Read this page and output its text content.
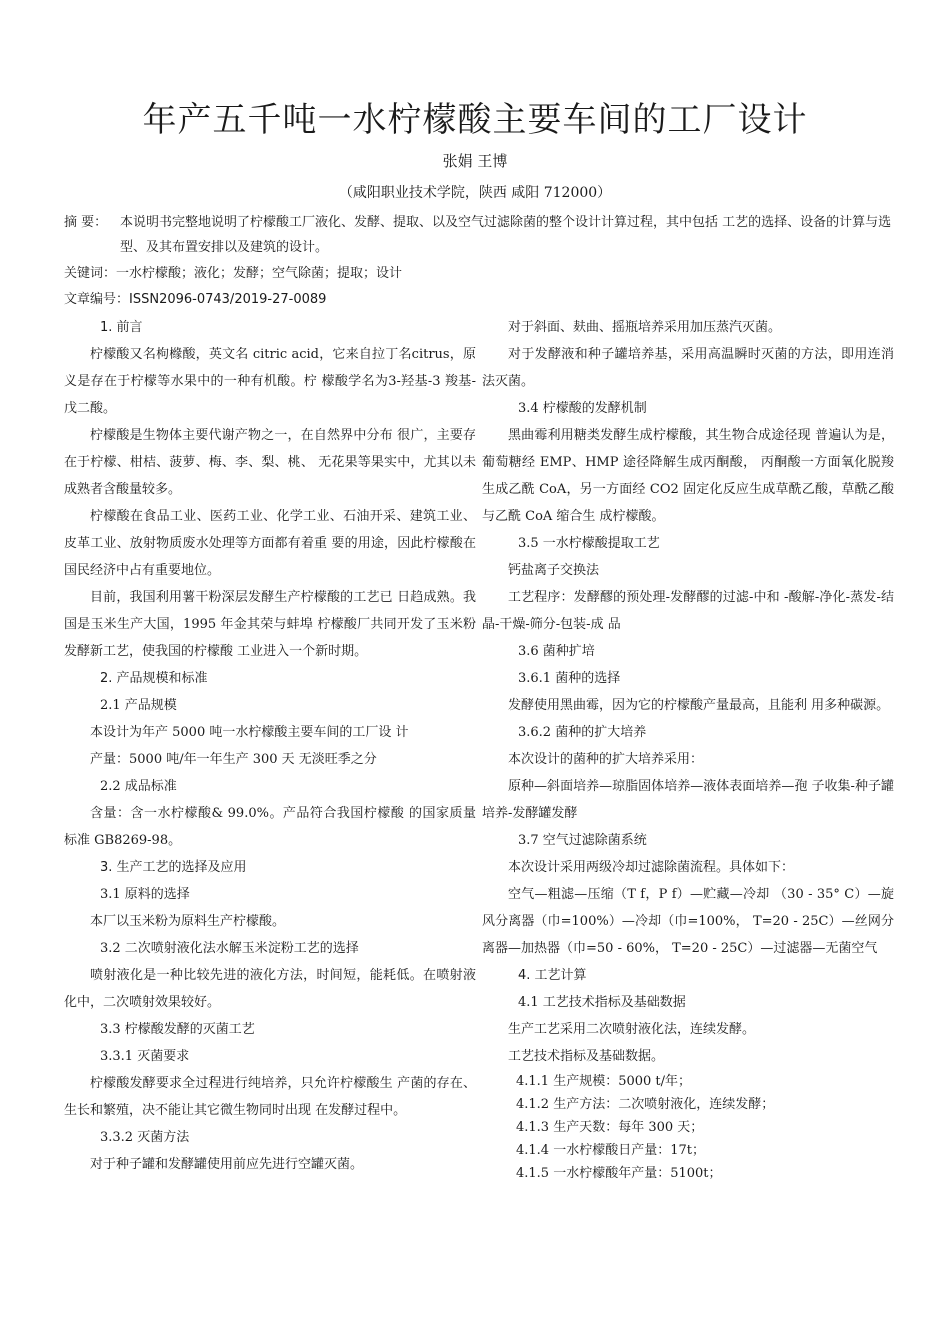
年产五千吨一水柠檬酸主要车间的工厂设计
张娟 王博
（咸阳职业技术学院，陕西 咸阳 712000）
摘 要： 本说明书完整地说明了柠檬酸工厂液化、发酵、提取、以及空气过滤除菌的整个设计计算过程，其中包括 工艺的选择、设备的计算与选型、及其布置安排以及建筑的设计。
关键词：一水柠檬酸；液化；发酵；空气除菌；提取；设计
文章编号：ISSN2096-0743/2019-27-0089

1. 前言

柠檬酸又名枸橼酸，英文名 citric acid，它来自拉丁名citrus，原义是存在于柠檬等水果中的一种有机酸。柠 檬酸学名为3-羟基-3 羧基-戊二酸。

柠檬酸是生物体主要代谢产物之一，在自然界中分布 很广，主要存在于柠檬、柑桔、菠萝、梅、李、梨、桃、 无花果等果实中，尤其以未成熟者含酸量较多。

柠檬酸在食品工业、医药工业、化学工业、石油开采、建筑工业、皮革工业、放射物质废水处理等方面都有着重 要的用途，因此柠檬酸在国民经济中占有重要地位。

目前，我国利用薯干粉深层发酵生产柠檬酸的工艺已 日趋成熟。我国是玉米生产大国，1995 年金其荣与蚌埠 柠檬酸厂共同开发了玉米粉发酵新工艺，使我国的柠檬酸 工业进入一个新时期。

2. 产品规模和标准

2.1 产品规模

本设计为年产 5000 吨一水柠檬酸主要车间的工厂设 计

产量：5000 吨/年一年生产 300 天 无淡旺季之分

2.2 成品标准

含量：含一水柠檬酸& 99.0%。产品符合我国柠檬酸 的国家质量标准 GB8269-98。

3. 生产工艺的选择及应用

3.1 原料的选择

本厂以玉米粉为原料生产柠檬酸。

3.2 二次喷射液化法水解玉米淀粉工艺的选择

喷射液化是一种比较先进的液化方法，时间短，能耗低。在喷射液化中，二次喷射效果较好。

3.3 柠檬酸发酵的灭菌工艺

3.3.1 灭菌要求

柠檬酸发酵要求全过程进行纯培养，只允许柠檬酸生 产菌的存在、生长和繁殖，决不能让其它微生物同时出现 在发酵过程中。

3.3.2 灭菌方法

对于种子罐和发酵罐使用前应先进行空罐灭菌。

对于斜面、麸曲、摇瓶培养采用加压蒸汽灭菌。

对于发酵液和种子罐培养基，采用高温瞬时灭菌的方法，即用连消法灭菌。

3.4 柠檬酸的发酵机制

黑曲霉利用糖类发酵生成柠檬酸，其生物合成途径现 普遍认为是，葡萄糖经 EMP、HMP 途径降解生成丙酮酸， 丙酮酸一方面氧化脱羧生成乙酰 CoA，另一方面经 CO2 固定化反应生成草酰乙酸，草酰乙酸与乙酰 CoA 缩合生 成柠檬酸。

3.5 一水柠檬酸提取工艺

钙盐离子交换法

工艺程序：发酵醪的预处理-发酵醪的过滤-中和 -酸解-净化-蒸发-结晶-干燥-筛分-包装-成 品

3.6 菌种扩培

3.6.1 菌种的选择

发酵使用黑曲霉，因为它的柠檬酸产量最高，且能利 用多种碳源。

3.6.2 菌种的扩大培养

本次设计的菌种的扩大培养采用：

原种—斜面培养—琼脂固体培养—液体表面培养—孢 子收集-种子罐培养-发酵罐发酵

3.7 空气过滤除菌系统

本次设计采用两级冷却过滤除菌流程。具体如下：

空气—粗滤—压缩（T f，P f）—贮藏—冷却 （30 - 35° C）—旋风分离器（巾=100%）—冷却（巾=100%， T=20 - 25C）—丝网分离器—加热器（巾=50 - 60%， T=20 - 25C）—过滤器—无菌空气

4. 工艺计算

4.1 工艺技术指标及基础数据

生产工艺采用二次喷射液化法，连续发酵。

工艺技术指标及基础数据。

4.1.1 生产规模：5000 t/年；

4.1.2 生产方法：二次喷射液化，连续发酵；

4.1.3 生产天数：每年 300 天；

4.1.4 一水柠檬酸日产量：17t；

4.1.5 一水柠檬酸年产量：5100t；
